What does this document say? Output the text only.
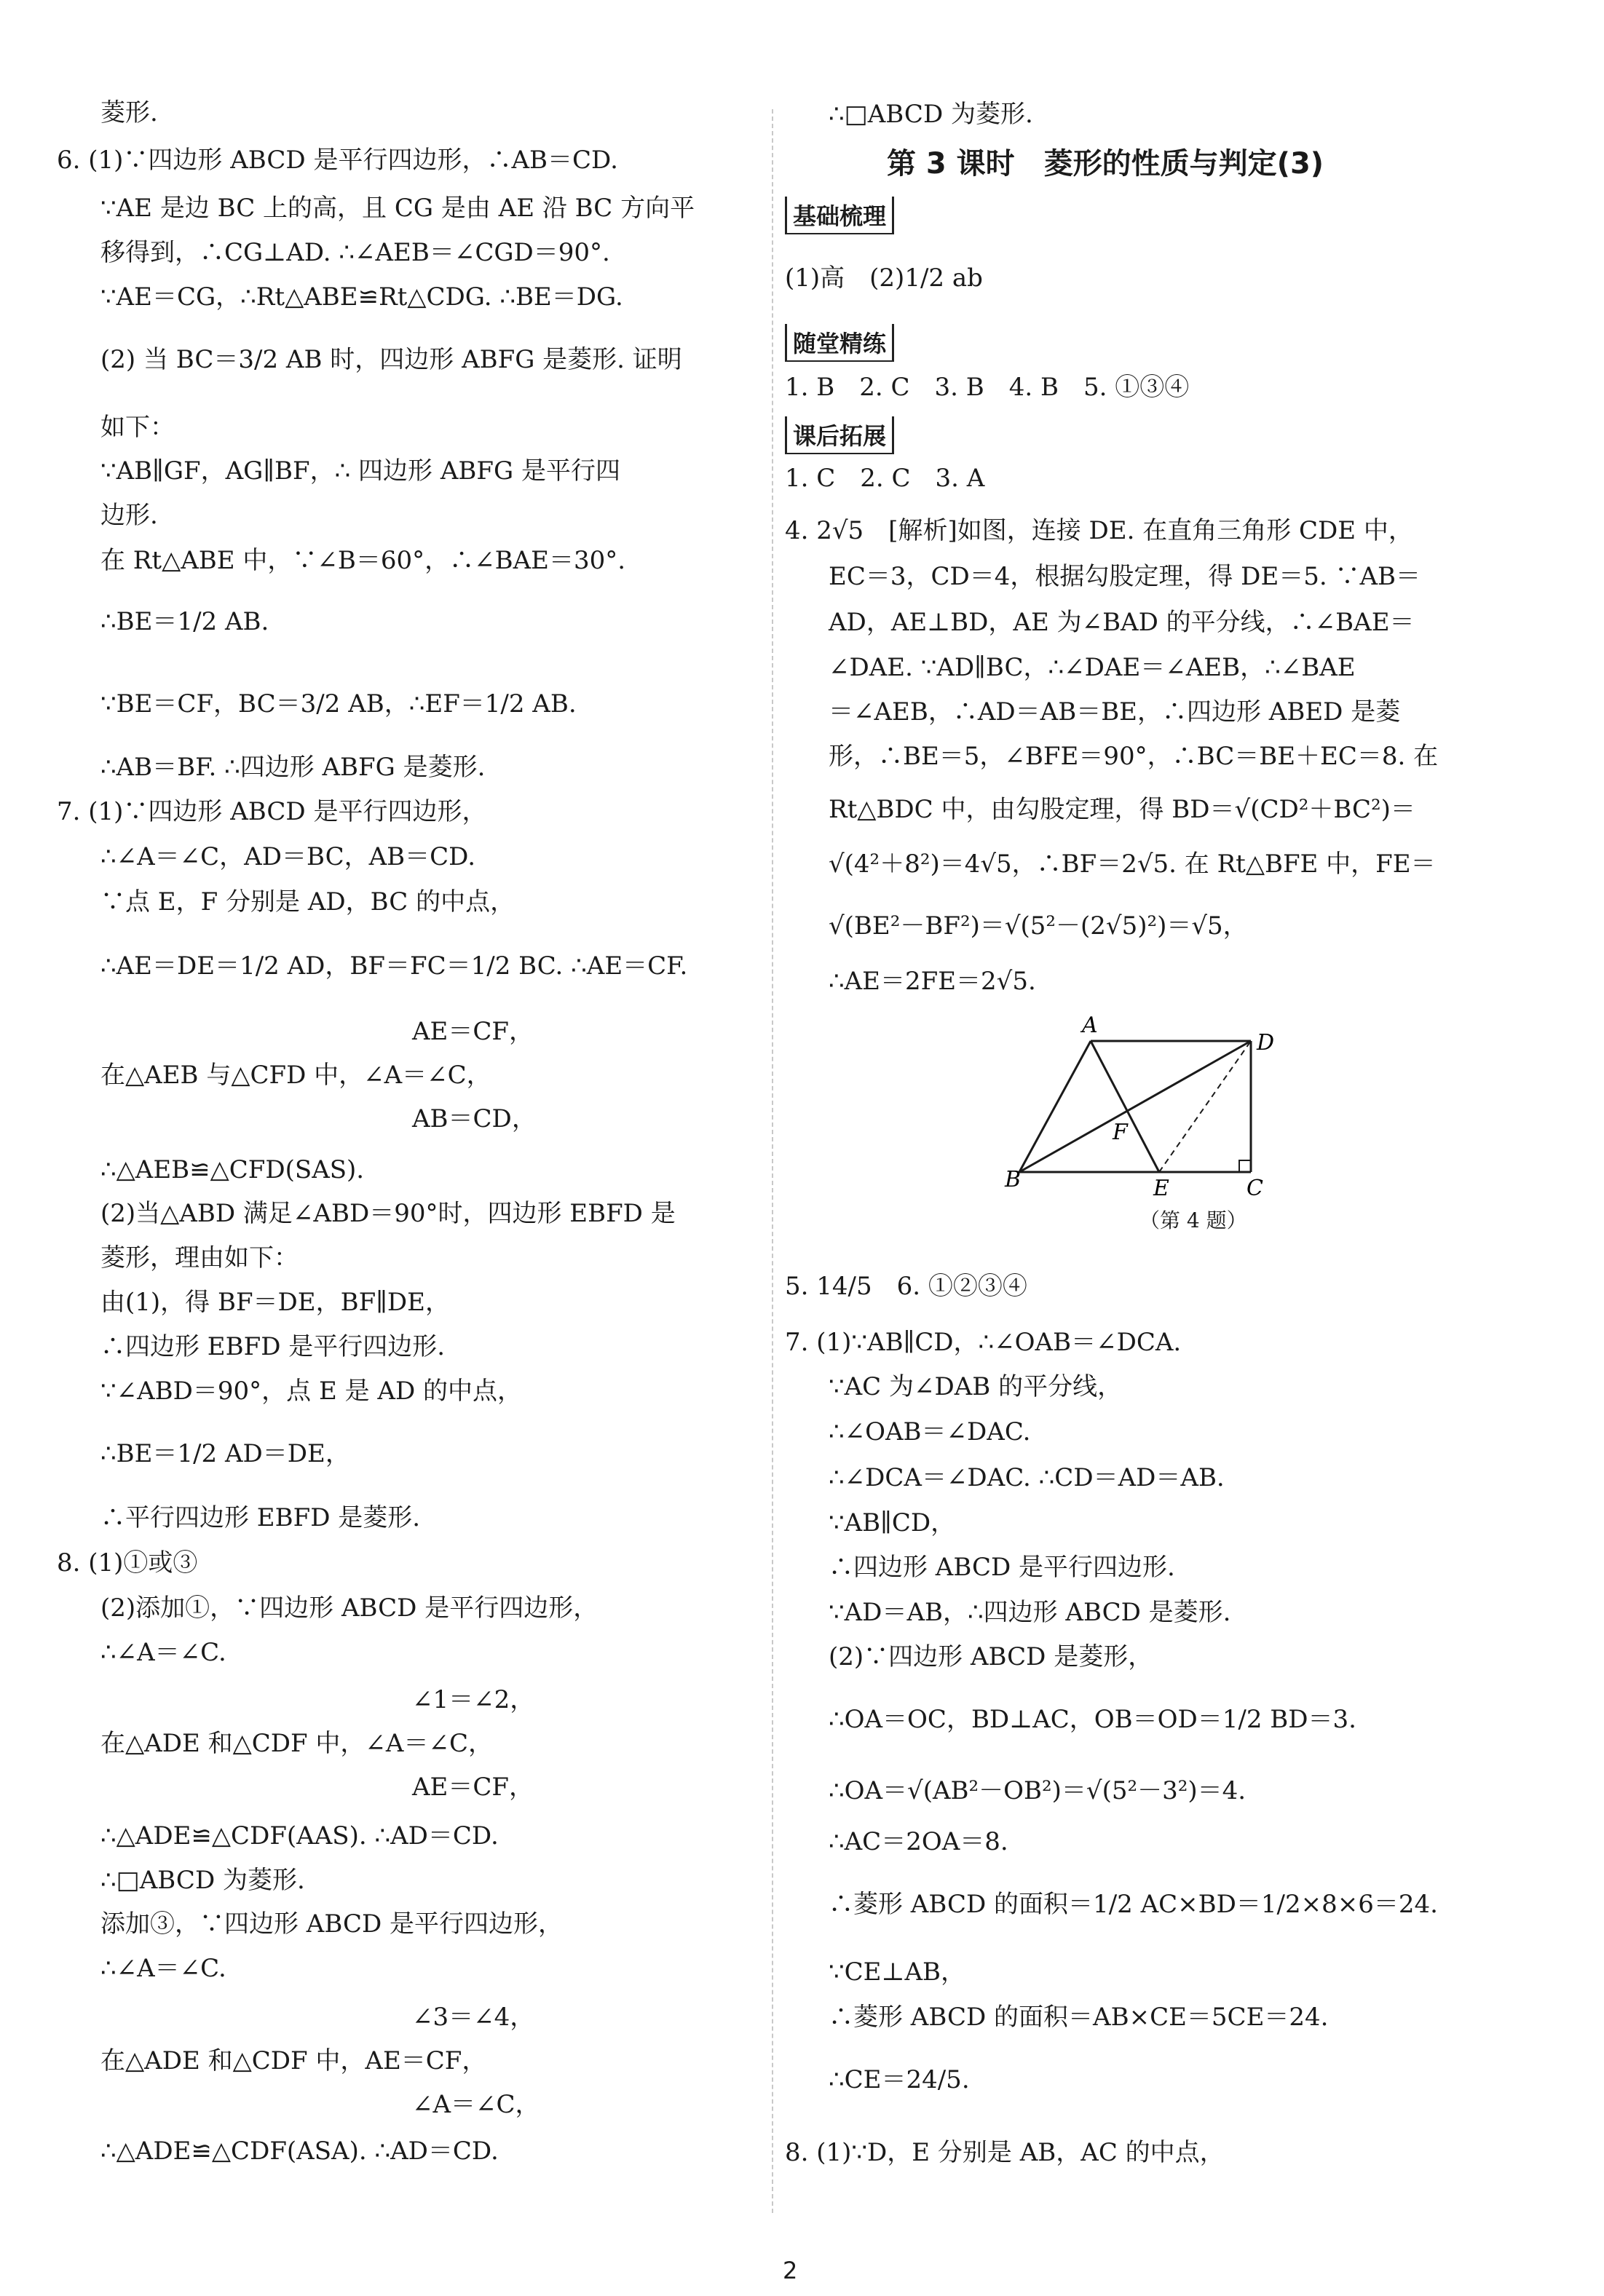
菱形.
6. (1)∵四边形 ABCD 是平行四边形，∴AB＝CD.
∵AE 是边 BC 上的高，且 CG 是由 AE 沿 BC 方向平
移得到，∴CG⊥AD. ∴∠AEB＝∠CGD＝90°.
∵AE＝CG，∴Rt△ABE≌Rt△CDG. ∴BE＝DG.
(2) 当 BC＝3/2 AB 时，四边形 ABFG 是菱形. 证明
如下：
∵AB∥GF，AG∥BF，∴ 四边形 ABFG 是平行四
边形.
在 Rt△ABE 中，∵∠B＝60°，∴∠BAE＝30°.
∴BE＝1/2 AB.
∵BE＝CF，BC＝3/2 AB，∴EF＝1/2 AB.
∴AB＝BF. ∴四边形 ABFG 是菱形.
7. (1)∵四边形 ABCD 是平行四边形，
∴∠A＝∠C，AD＝BC，AB＝CD.
∵点 E，F 分别是 AD，BC 的中点，
∴AE＝DE＝1/2 AD，BF＝FC＝1/2 BC. ∴AE＝CF.
AE＝CF，
在△AEB 与△CFD 中，∠A＝∠C，
AB＝CD，
∴△AEB≌△CFD(SAS).
(2)当△ABD 满足∠ABD＝90°时，四边形 EBFD 是
菱形，理由如下：
由(1)，得 BF＝DE，BF∥DE，
∴四边形 EBFD 是平行四边形.
∵∠ABD＝90°，点 E 是 AD 的中点，
∴BE＝1/2 AD＝DE，
∴平行四边形 EBFD 是菱形.
8. (1)①或③
(2)添加①，∵四边形 ABCD 是平行四边形，
∴∠A＝∠C.
∠1＝∠2，
在△ADE 和△CDF 中，∠A＝∠C，
AE＝CF，
∴△ADE≌△CDF(AAS). ∴AD＝CD.
∴□ABCD 为菱形.
添加③，∵四边形 ABCD 是平行四边形，
∴∠A＝∠C.
∠3＝∠4，
在△ADE 和△CDF 中，AE＝CF，
∠A＝∠C，
∴△ADE≌△CDF(ASA). ∴AD＝CD.
∴□ABCD 为菱形.
第 3 课时　菱形的性质与判定(3)
基础梳理
(1)高　(2)1/2 ab
随堂精练
1. B　2. C　3. B　4. B　5. ①③④
课后拓展
1. C　2. C　3. A
4. 2√5　[解析]如图，连接 DE. 在直角三角形 CDE 中，
EC＝3，CD＝4，根据勾股定理，得 DE＝5. ∵AB＝
AD，AE⊥BD，AE 为∠BAD 的平分线，∴∠BAE＝
∠DAE. ∵AD∥BC，∴∠DAE＝∠AEB，∴∠BAE
＝∠AEB，∴AD＝AB＝BE，∴四边形 ABED 是菱
形，∴BE＝5，∠BFE＝90°，∴BC＝BE＋EC＝8. 在
Rt△BDC 中，由勾股定理，得 BD＝√(CD²＋BC²)＝
√(4²＋8²)＝4√5，∴BF＝2√5. 在 Rt△BFE 中，FE＝
√(BE²－BF²)＝√(5²－(2√5)²)＝√5，
∴AE＝2FE＝2√5.
5. 14/5　6. ①②③④
7. (1)∵AB∥CD，∴∠OAB＝∠DCA.
∵AC 为∠DAB 的平分线，
∴∠OAB＝∠DAC.
∴∠DCA＝∠DAC. ∴CD＝AD＝AB.
∵AB∥CD，
∴四边形 ABCD 是平行四边形.
∵AD＝AB，∴四边形 ABCD 是菱形.
(2)∵四边形 ABCD 是菱形，
∴OA＝OC，BD⊥AC，OB＝OD＝1/2 BD＝3.
∴OA＝√(AB²－OB²)＝√(5²－3²)＝4.
∴AC＝2OA＝8.
∴菱形 ABCD 的面积＝1/2 AC×BD＝1/2×8×6＝24.
∵CE⊥AB，
∴菱形 ABCD 的面积＝AB×CE＝5CE＝24.
∴CE＝24/5.
8. (1)∵D，E 分别是 AB，AC 的中点，
A
D
F
B	E	C
（第 4 题）
2
